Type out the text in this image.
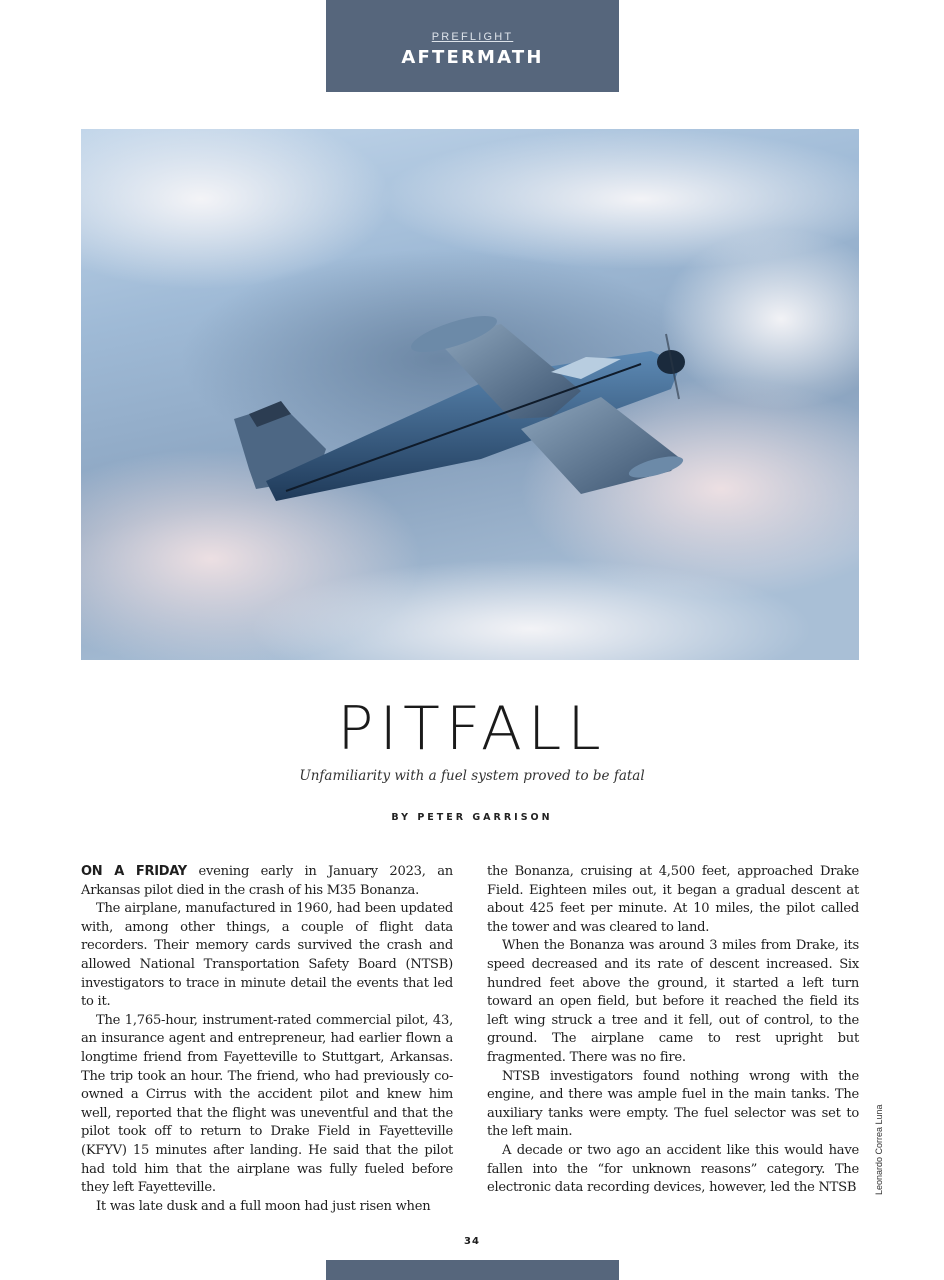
PREFLIGHT
AFTERMATH
PITFALL
Unfamiliarity with a fuel system proved to be fatal
BY PETER GARRISON

ON A FRIDAY evening early in January 2023, an Arkansas pilot died in the crash of his M35 Bonanza.

The airplane, manufactured in 1960, had been updated with, among other things, a couple of flight data recorders. Their memory cards survived the crash and allowed National Transportation Safety Board (NTSB) investigators to trace in minute detail the events that led to it.

The 1,765-hour, instrument-rated commercial pilot, 43, an insurance agent and entrepreneur, had earlier flown a longtime friend from Fayetteville to Stuttgart, Arkansas. The trip took an hour. The friend, who had previously co-owned a Cirrus with the accident pilot and knew him well, reported that the flight was uneventful and that the pilot took off to return to Drake Field in Fayetteville (KFYV) 15 minutes after landing. He said that the pilot had told him that the airplane was fully fueled before they left Fayetteville.

It was late dusk and a full moon had just risen when

the Bonanza, cruising at 4,500 feet, approached Drake Field. Eighteen miles out, it began a gradual descent at about 425 feet per minute. At 10 miles, the pilot called the tower and was cleared to land.

When the Bonanza was around 3 miles from Drake, its speed decreased and its rate of descent increased. Six hundred feet above the ground, it started a left turn toward an open field, but before it reached the field its left wing struck a tree and it fell, out of control, to the ground. The airplane came to rest upright but fragmented. There was no fire.

NTSB investigators found nothing wrong with the engine, and there was ample fuel in the main tanks. The auxiliary tanks were empty. The fuel selector was set to the left main.

A decade or two ago an accident like this would have fallen into the “for unknown reasons” category. The electronic data recording devices, however, led the NTSB	Leonardo Correa Luna
34
